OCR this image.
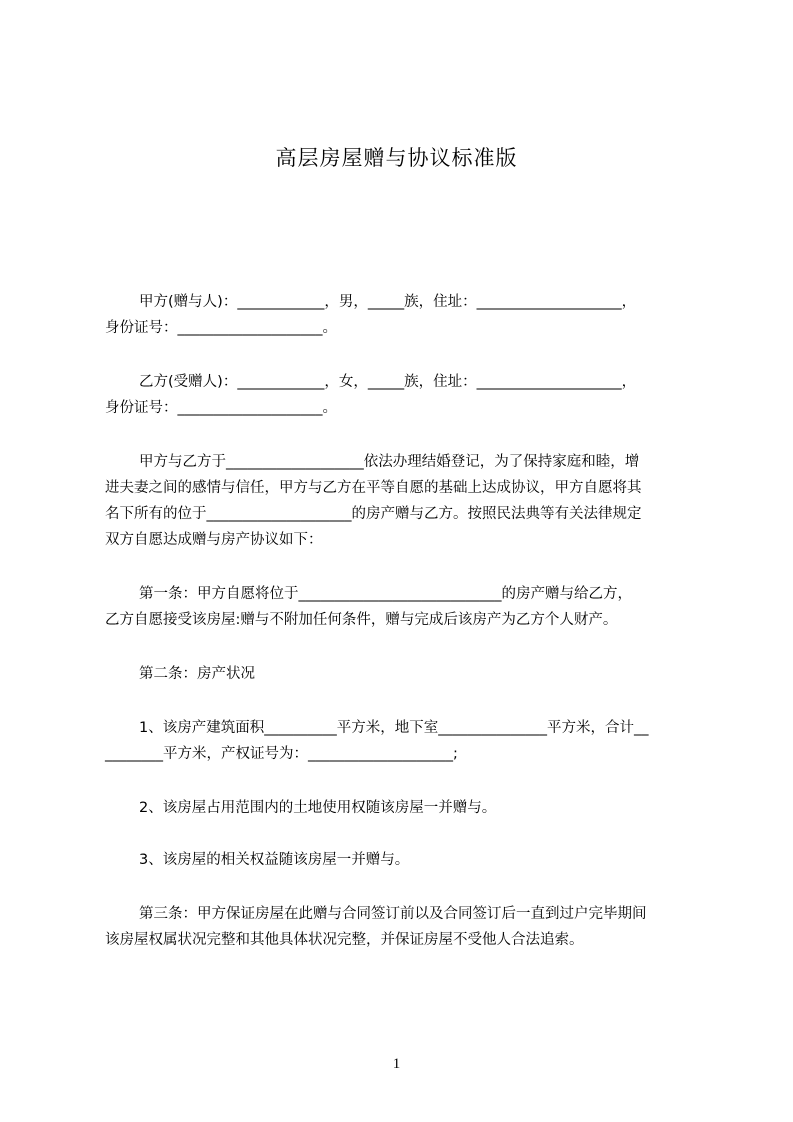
高层房屋赠与协议标准版
甲方(赠与人)：____________，男，_____族，住址：____________________，
身份证号：____________________。
乙方(受赠人)：____________，女，_____族，住址：____________________，
身份证号：____________________。
甲方与乙方于___________________依法办理结婚登记，为了保持家庭和睦，增
进夫妻之间的感情与信任，甲方与乙方在平等自愿的基础上达成协议，甲方自愿将其
名下所有的位于____________________的房产赠与乙方。按照民法典等有关法律规定
双方自愿达成赠与房产协议如下：
第一条：甲方自愿将位于____________________________的房产赠与给乙方，
乙方自愿接受该房屋:赠与不附加任何条件，赠与完成后该房产为乙方个人财产。
第二条：房产状况
1、该房产建筑面积__________平方米，地下室_______________平方米，合计__
________平方米，产权证号为：____________________;
2、该房屋占用范围内的土地使用权随该房屋一并赠与。
3、该房屋的相关权益随该房屋一并赠与。
第三条：甲方保证房屋在此赠与合同签订前以及合同签订后一直到过户完毕期间
该房屋权属状况完整和其他具体状况完整，并保证房屋不受他人合法追索。
1
